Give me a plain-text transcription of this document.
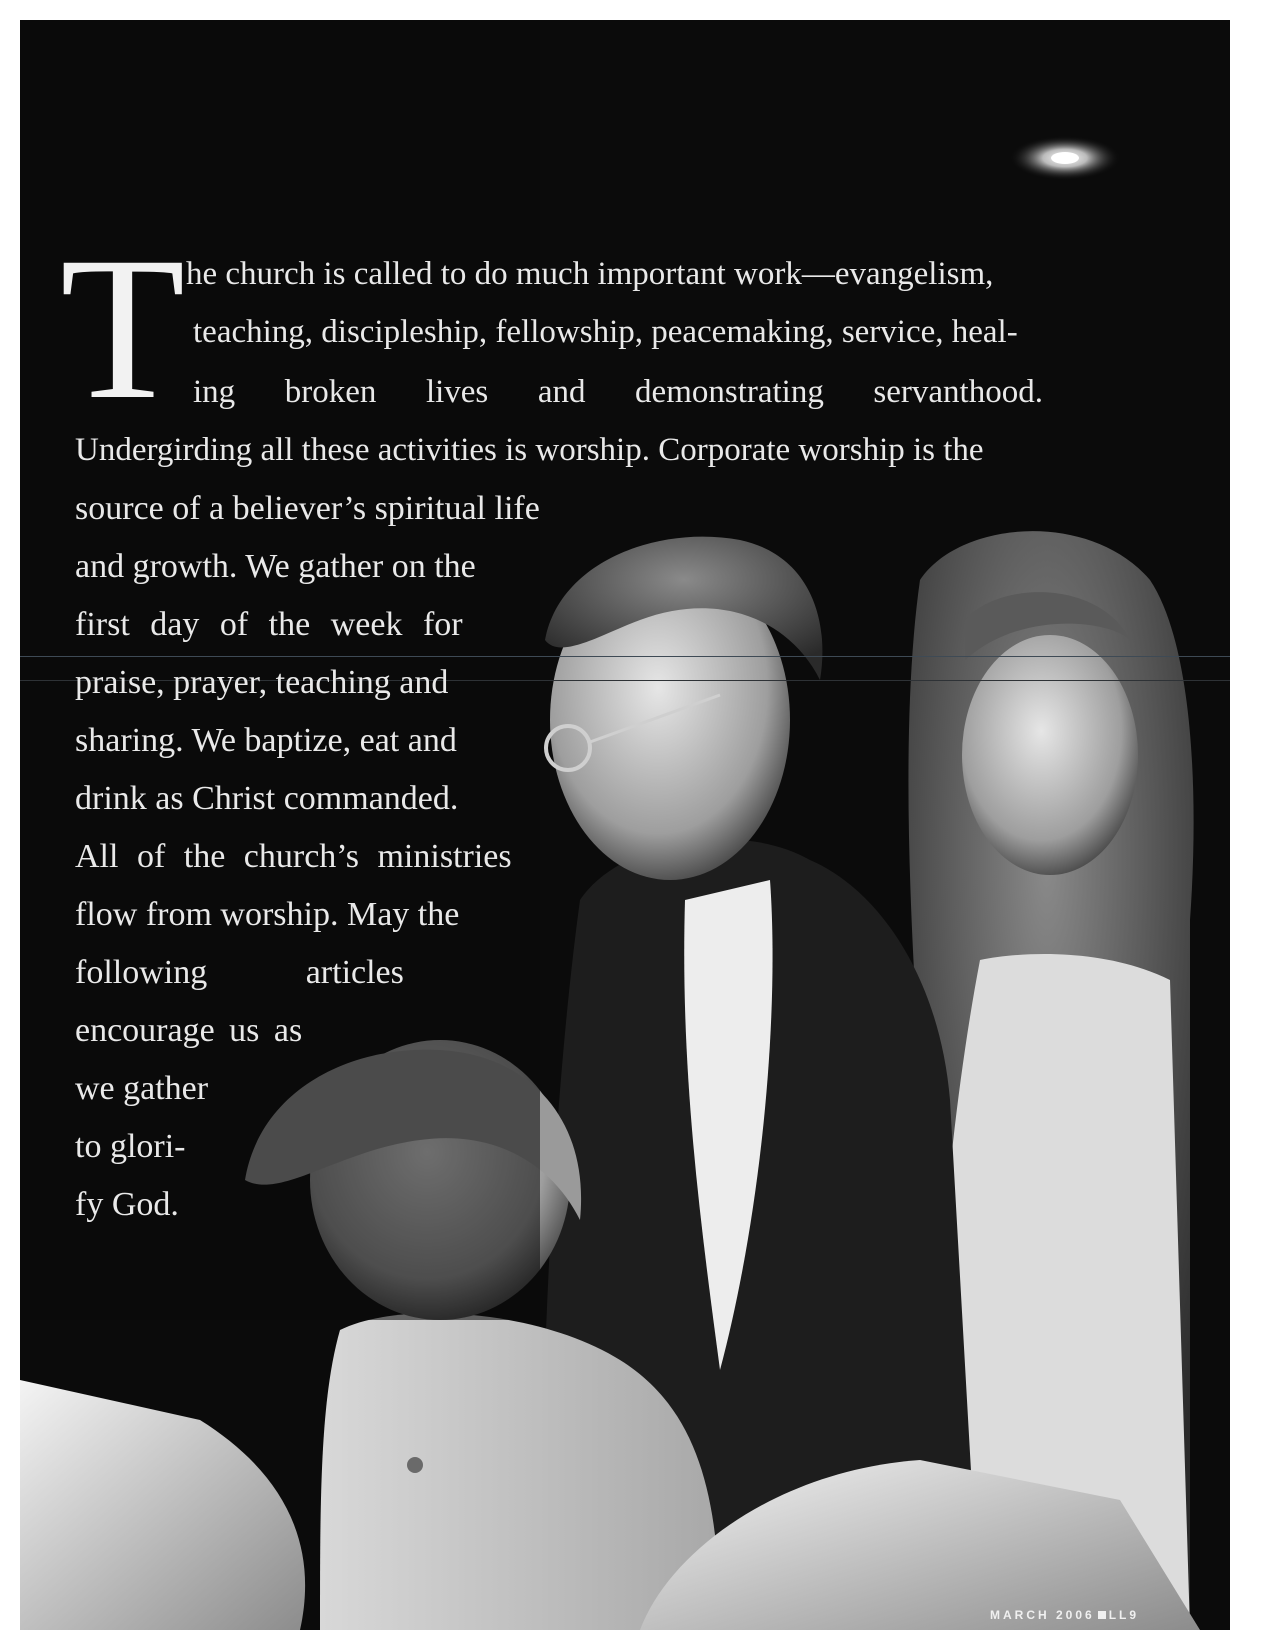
T he church is called to do much important work—evangelism,
teaching, discipleship, fellowship, peacemaking, service, heal-
ing broken lives and demonstrating servanthood.
Undergirding all these activities is worship. Corporate worship is the
source of a believer’s spiritual life
and growth. We gather on the
first day of the week for
praise, prayer, teaching and
sharing. We baptize, eat and
drink as Christ commanded.
All of the church’s ministries
flow from worship. May the
following articles
encourage us as
we gather
to glori-
fy God.
MARCH 2006 LL9
